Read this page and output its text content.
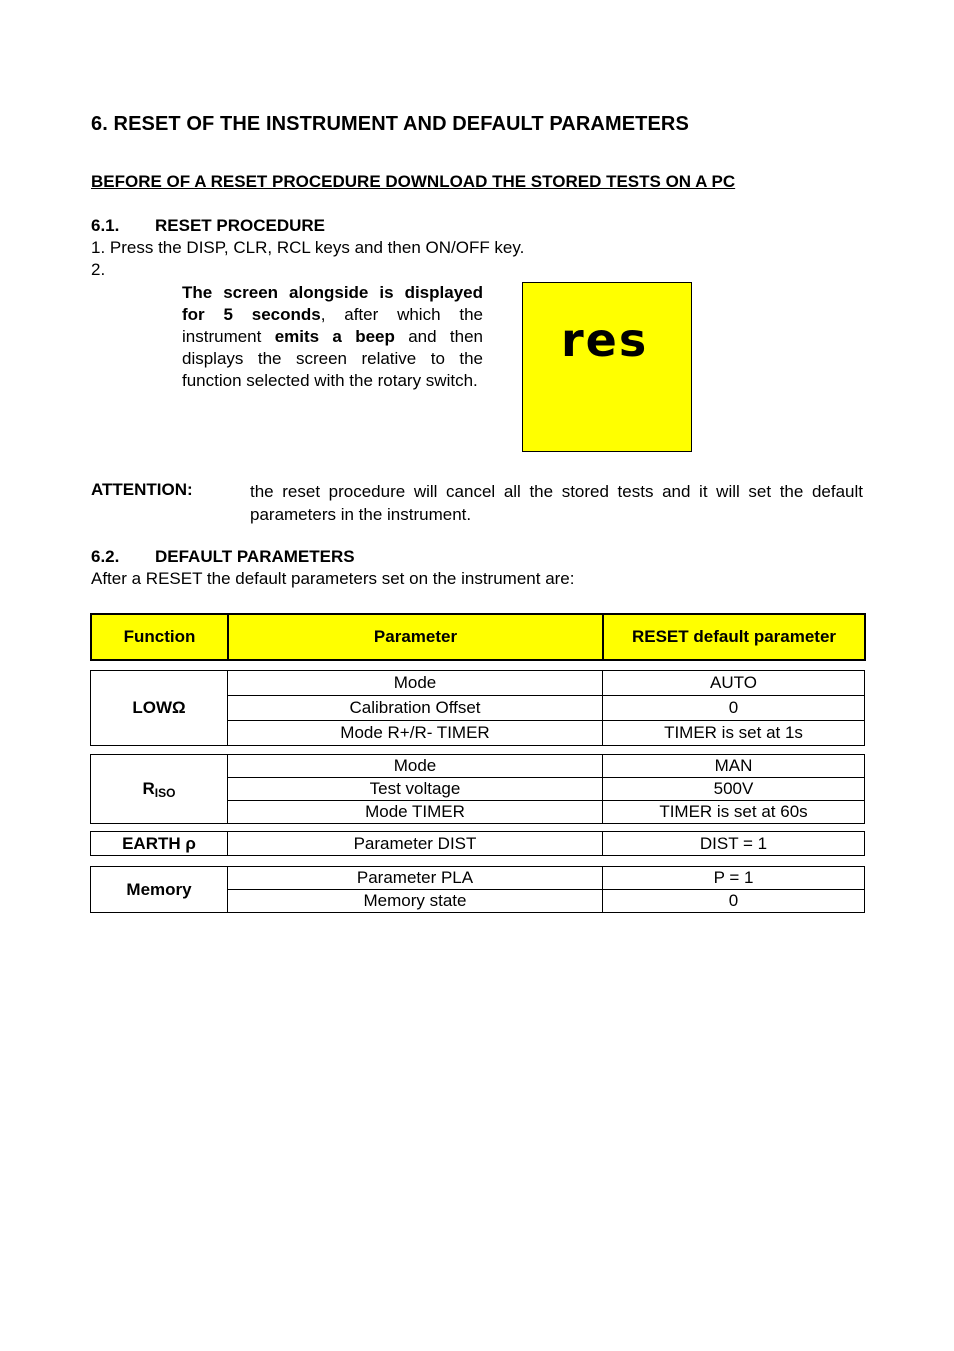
6. RESET OF THE INSTRUMENT AND DEFAULT PARAMETERS
BEFORE OF A RESET PROCEDURE DOWNLOAD THE STORED TESTS ON A PC
6.1. RESET PROCEDURE
1. Press the DISP, CLR, RCL keys and then ON/OFF key.
2.
The screen alongside is displayed for 5 seconds, after which the instrument emits a beep and then displays the screen relative to the function selected with the rotary switch.
res
ATTENTION:	the reset procedure will cancel all the stored tests and it will set the default parameters in the instrument.
6.2. DEFAULT PARAMETERS
After a RESET the default parameters set on the instrument are:
Function	Parameter	RESET default parameter
LOWΩ	Mode	AUTO
	Calibration Offset	0
	Mode R+/R- TIMER	TIMER is set at 1s
$R_{ISO}$	Mode	MAN
	Test voltage	500V
	Mode TIMER	TIMER is set at 60s
EARTH ρ	Parameter DIST	DIST = 1
Memory	Parameter PLA	P = 1
	Memory state	0
